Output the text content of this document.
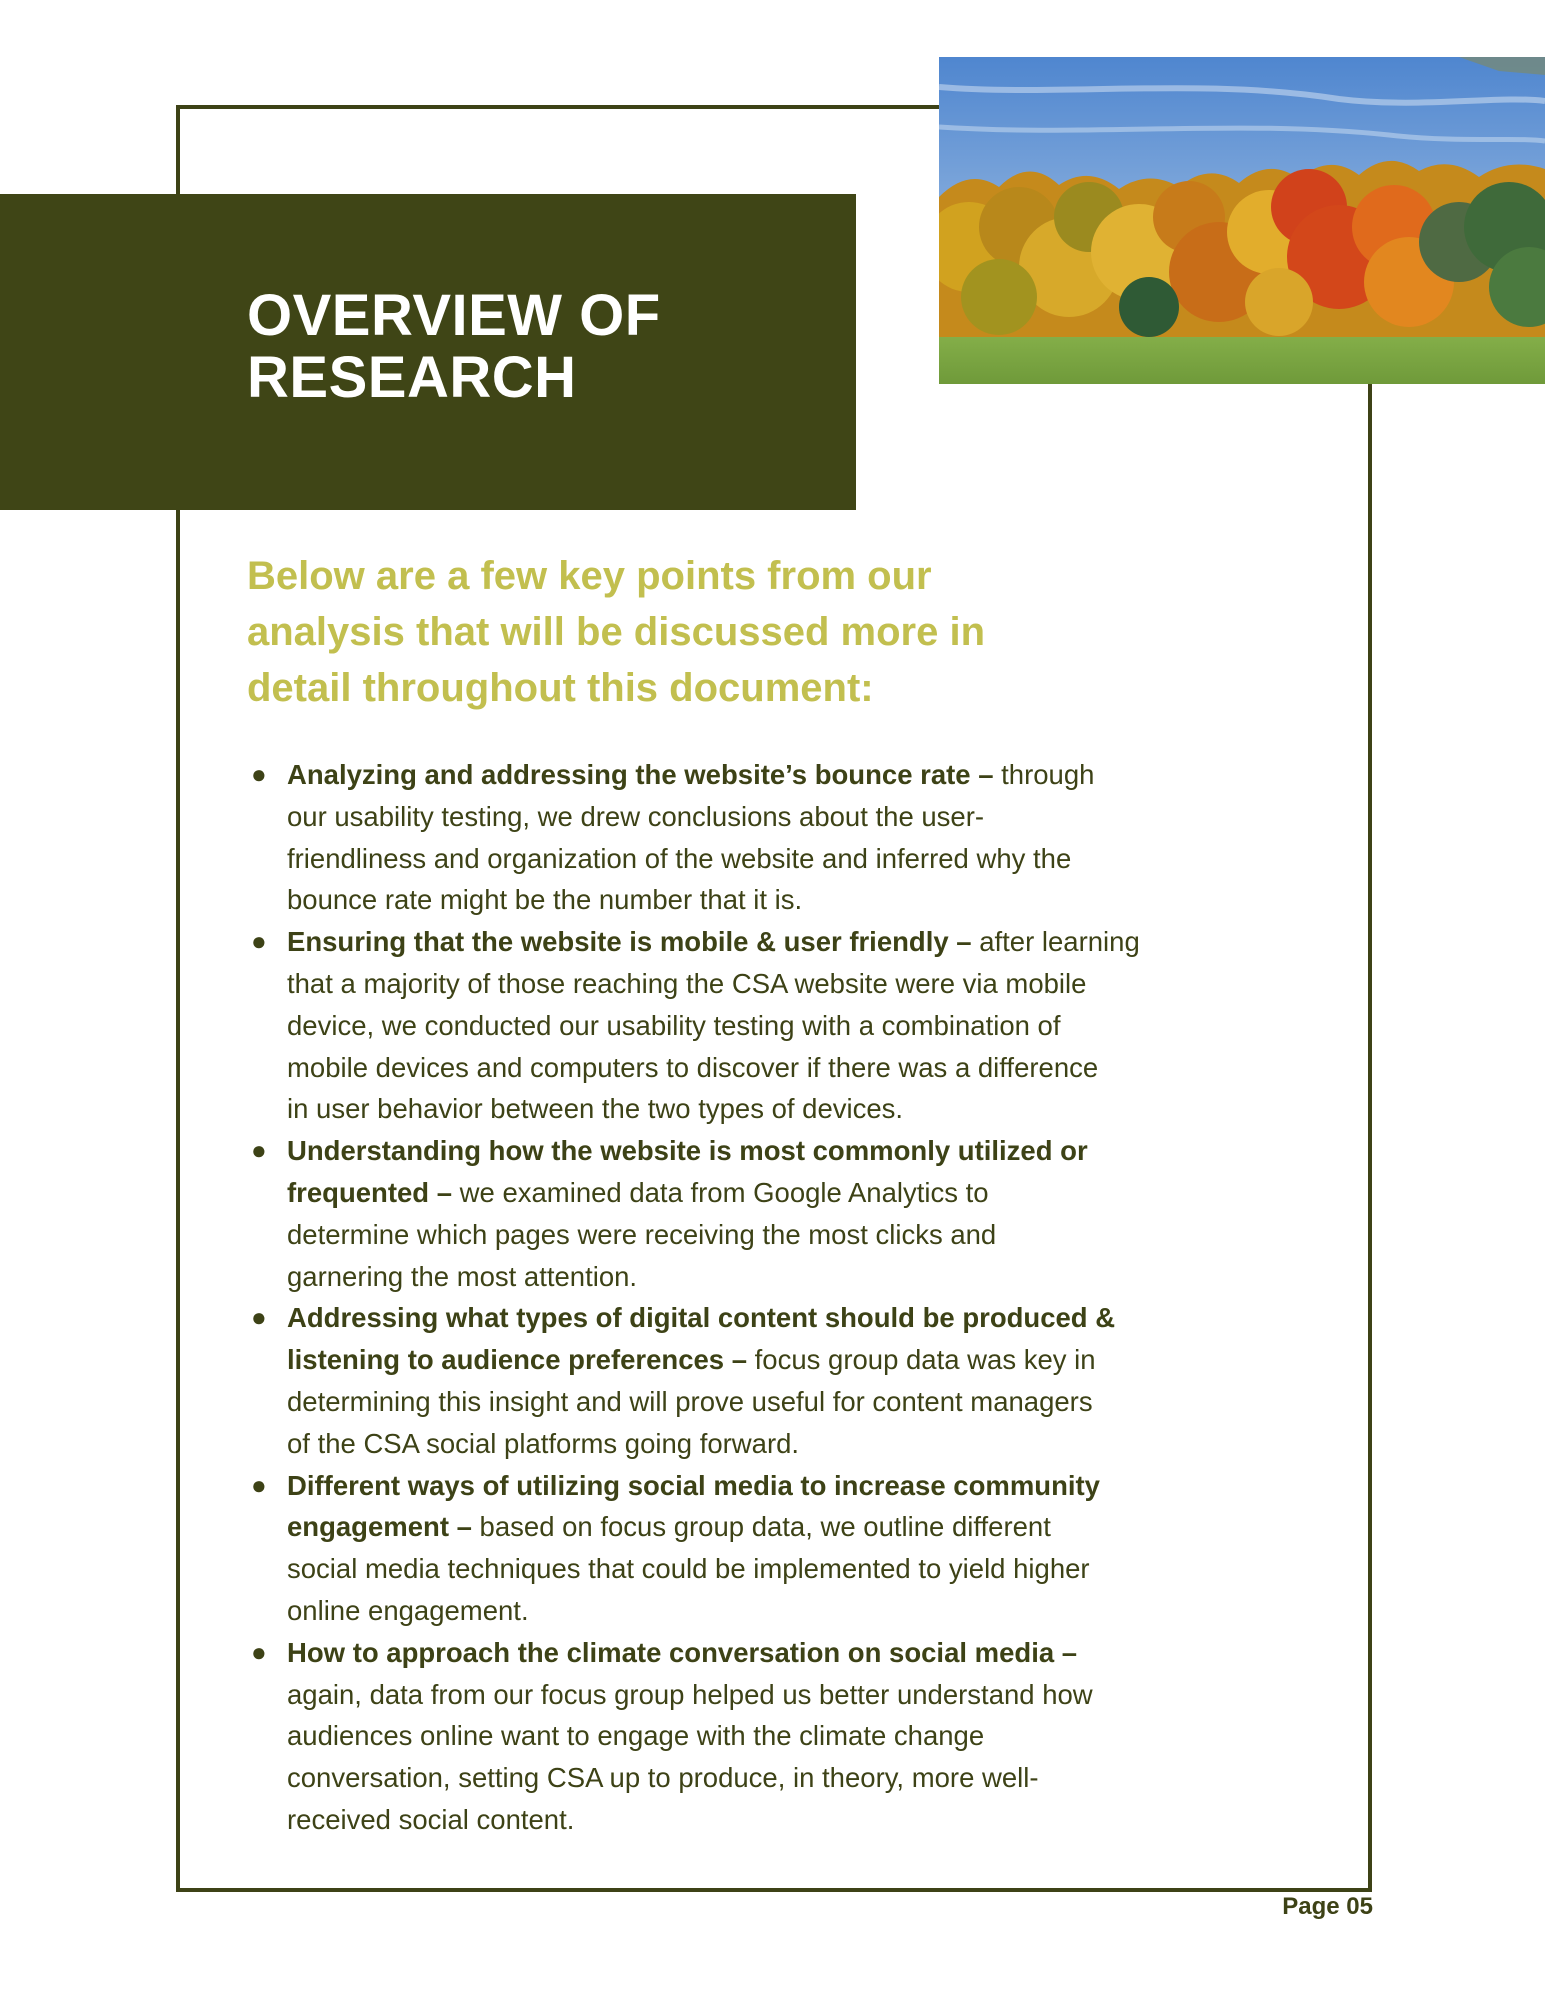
OVERVIEW OF
RESEARCH

Below are a few key points from our
analysis that will be discussed more in
detail throughout this document:

● Analyzing and addressing the website’s bounce rate – through
our usability testing, we drew conclusions about the user-
friendliness and organization of the website and inferred why the
bounce rate might be the number that it is.
● Ensuring that the website is mobile & user friendly – after learning
that a majority of those reaching the CSA website were via mobile
device, we conducted our usability testing with a combination of
mobile devices and computers to discover if there was a difference
in user behavior between the two types of devices.
● Understanding how the website is most commonly utilized or
frequented – we examined data from Google Analytics to
determine which pages were receiving the most clicks and
garnering the most attention.
● Addressing what types of digital content should be produced &
listening to audience preferences – focus group data was key in
determining this insight and will prove useful for content managers
of the CSA social platforms going forward.
● Different ways of utilizing social media to increase community
engagement – based on focus group data, we outline different
social media techniques that could be implemented to yield higher
online engagement.
● How to approach the climate conversation on social media –
again, data from our focus group helped us better understand how
audiences online want to engage with the climate change
conversation, setting CSA up to produce, in theory, more well-
received social content.
Page 05
